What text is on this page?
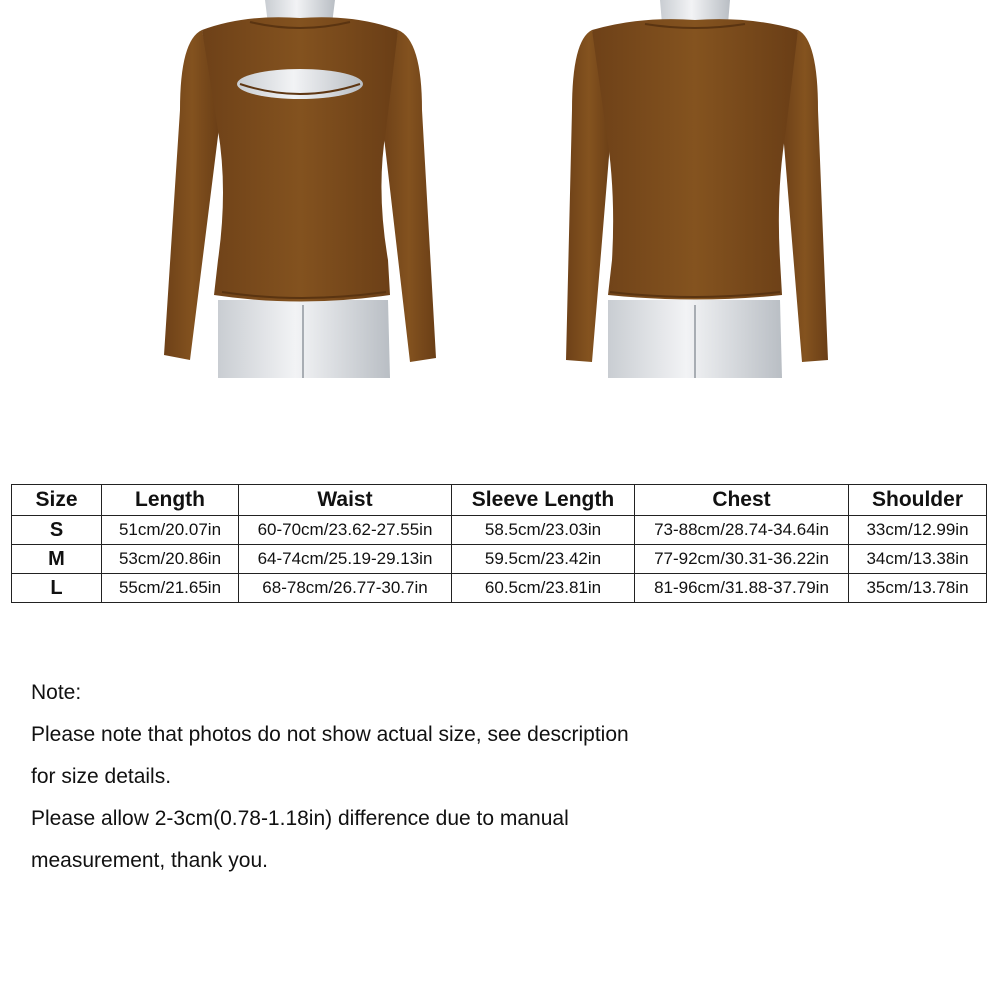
Size	Length	Waist	Sleeve Length	Chest	Shoulder
S	51cm/20.07in	60-70cm/23.62-27.55in	58.5cm/23.03in	73-88cm/28.74-34.64in	33cm/12.99in
M	53cm/20.86in	64-74cm/25.19-29.13in	59.5cm/23.42in	77-92cm/30.31-36.22in	34cm/13.38in
L	55cm/21.65in	68-78cm/26.77-30.7in	60.5cm/23.81in	81-96cm/31.88-37.79in	35cm/13.78in

Note:

Please note that photos do not show actual size, see description

for size details.

Please allow 2-3cm(0.78-1.18in) difference due to manual

measurement, thank you.
